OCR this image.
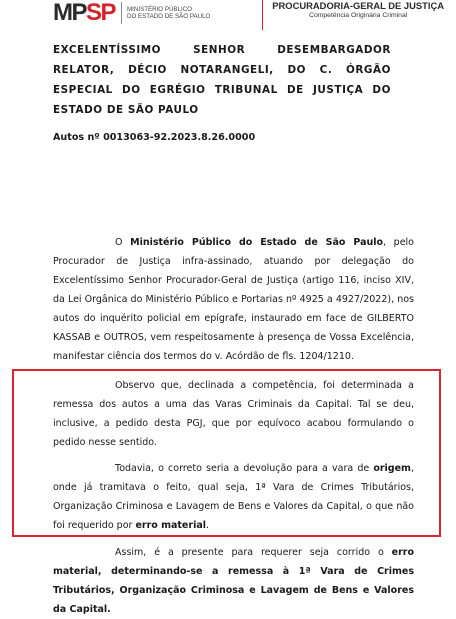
MPSP MINISTÉRIO PÚBLICO
DO ESTADO DE SÃO PAULO
PROCURADORIA-GERAL DE JUSTIÇA
Competência Originária Criminal
EXCELENTÍSSIMO SENHOR DESEMBARGADOR RELATOR, DÉCIO NOTARANGELI, DO C. ÓRGÃO ESPECIAL DO EGRÉGIO TRIBUNAL DE JUSTIÇA DO ESTADO DE SÃO PAULO
Autos nº 0013063-92.2023.8.26.0000

O Ministério Público do Estado de São Paulo, pelo Procurador de Justiça infra-assinado, atuando por delegação do Excelentíssimo Senhor Procurador-Geral de Justiça (artigo 116, inciso XIV, da Lei Orgânica do Ministério Público e Portarias nº 4925 a 4927/2022), nos autos do inquérito policial em epígrafe, instaurado em face de GILBERTO KASSAB e OUTROS, vem respeitosamente à presença de Vossa Excelência, manifestar ciência dos termos do v. Acórdão de fls. 1204/1210.

Observo que, declinada a competência, foi determinada a remessa dos autos a uma das Varas Criminais da Capital. Tal se deu, inclusive, a pedido desta PGJ, que por equívoco acabou formulando o pedido nesse sentido.

Todavia, o correto seria a devolução para a vara de origem, onde já tramitava o feito, qual seja, 1ª Vara de Crimes Tributários, Organização Criminosa e Lavagem de Bens e Valores da Capital, o que não foi requerido por erro material.

Assim, é a presente para requerer seja corrido o erro material, determinando-se a remessa à 1ª Vara de Crimes Tributários, Organização Criminosa e Lavagem de Bens e Valores da Capital.
